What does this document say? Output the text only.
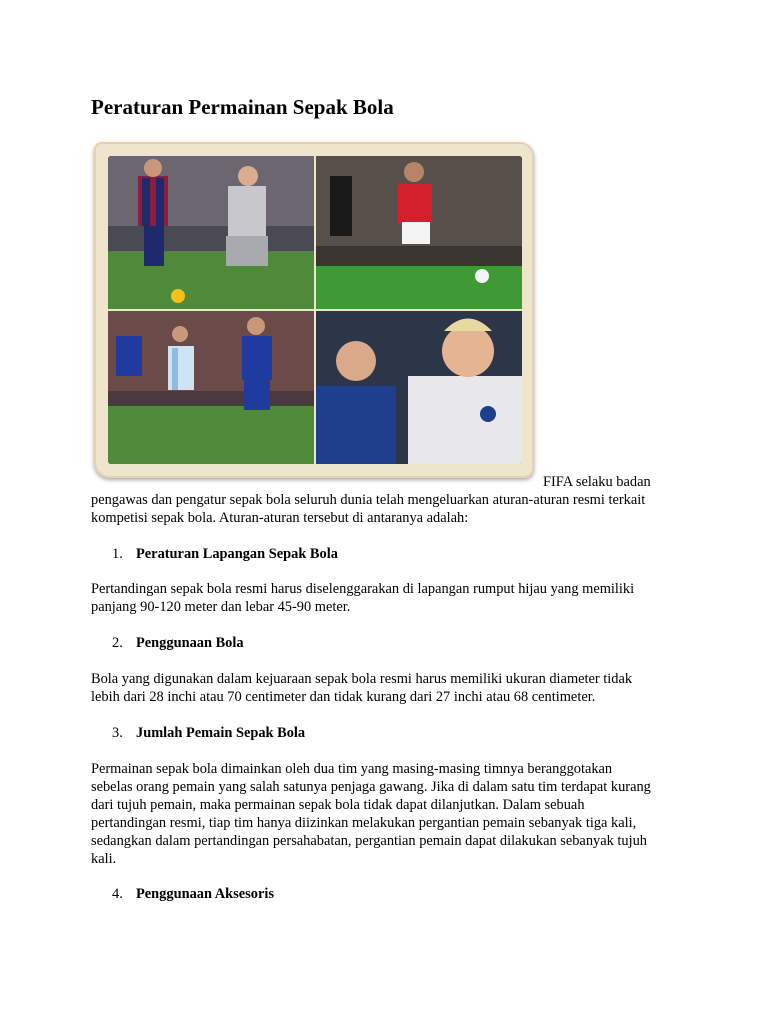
Peraturan Permainan Sepak Bola
FIFA selaku badan

pengawas dan pengatur sepak bola seluruh dunia telah mengeluarkan aturan-aturan resmi terkait

kompetisi sepak bola. Aturan-aturan tersebut di antaranya adalah:

1. Peraturan Lapangan Sepak Bola

Pertandingan sepak bola resmi harus diselenggarakan di lapangan rumput hijau yang memiliki

panjang 90-120 meter dan lebar 45-90 meter.

2. Penggunaan Bola

Bola yang digunakan dalam kejuaraan sepak bola resmi harus memiliki ukuran diameter tidak

lebih dari 28 inchi atau 70 centimeter dan tidak kurang dari 27 inchi atau 68 centimeter.

3. Jumlah Pemain Sepak Bola

Permainan sepak bola dimainkan oleh dua tim yang masing-masing timnya beranggotakan

sebelas orang pemain yang salah satunya penjaga gawang. Jika di dalam satu tim terdapat kurang

dari tujuh pemain, maka permainan sepak bola tidak dapat dilanjutkan. Dalam sebuah

pertandingan resmi, tiap tim hanya diizinkan melakukan pergantian pemain sebanyak tiga kali,

sedangkan dalam pertandingan persahabatan, pergantian pemain dapat dilakukan sebanyak tujuh

kali.

4. Penggunaan Aksesoris
